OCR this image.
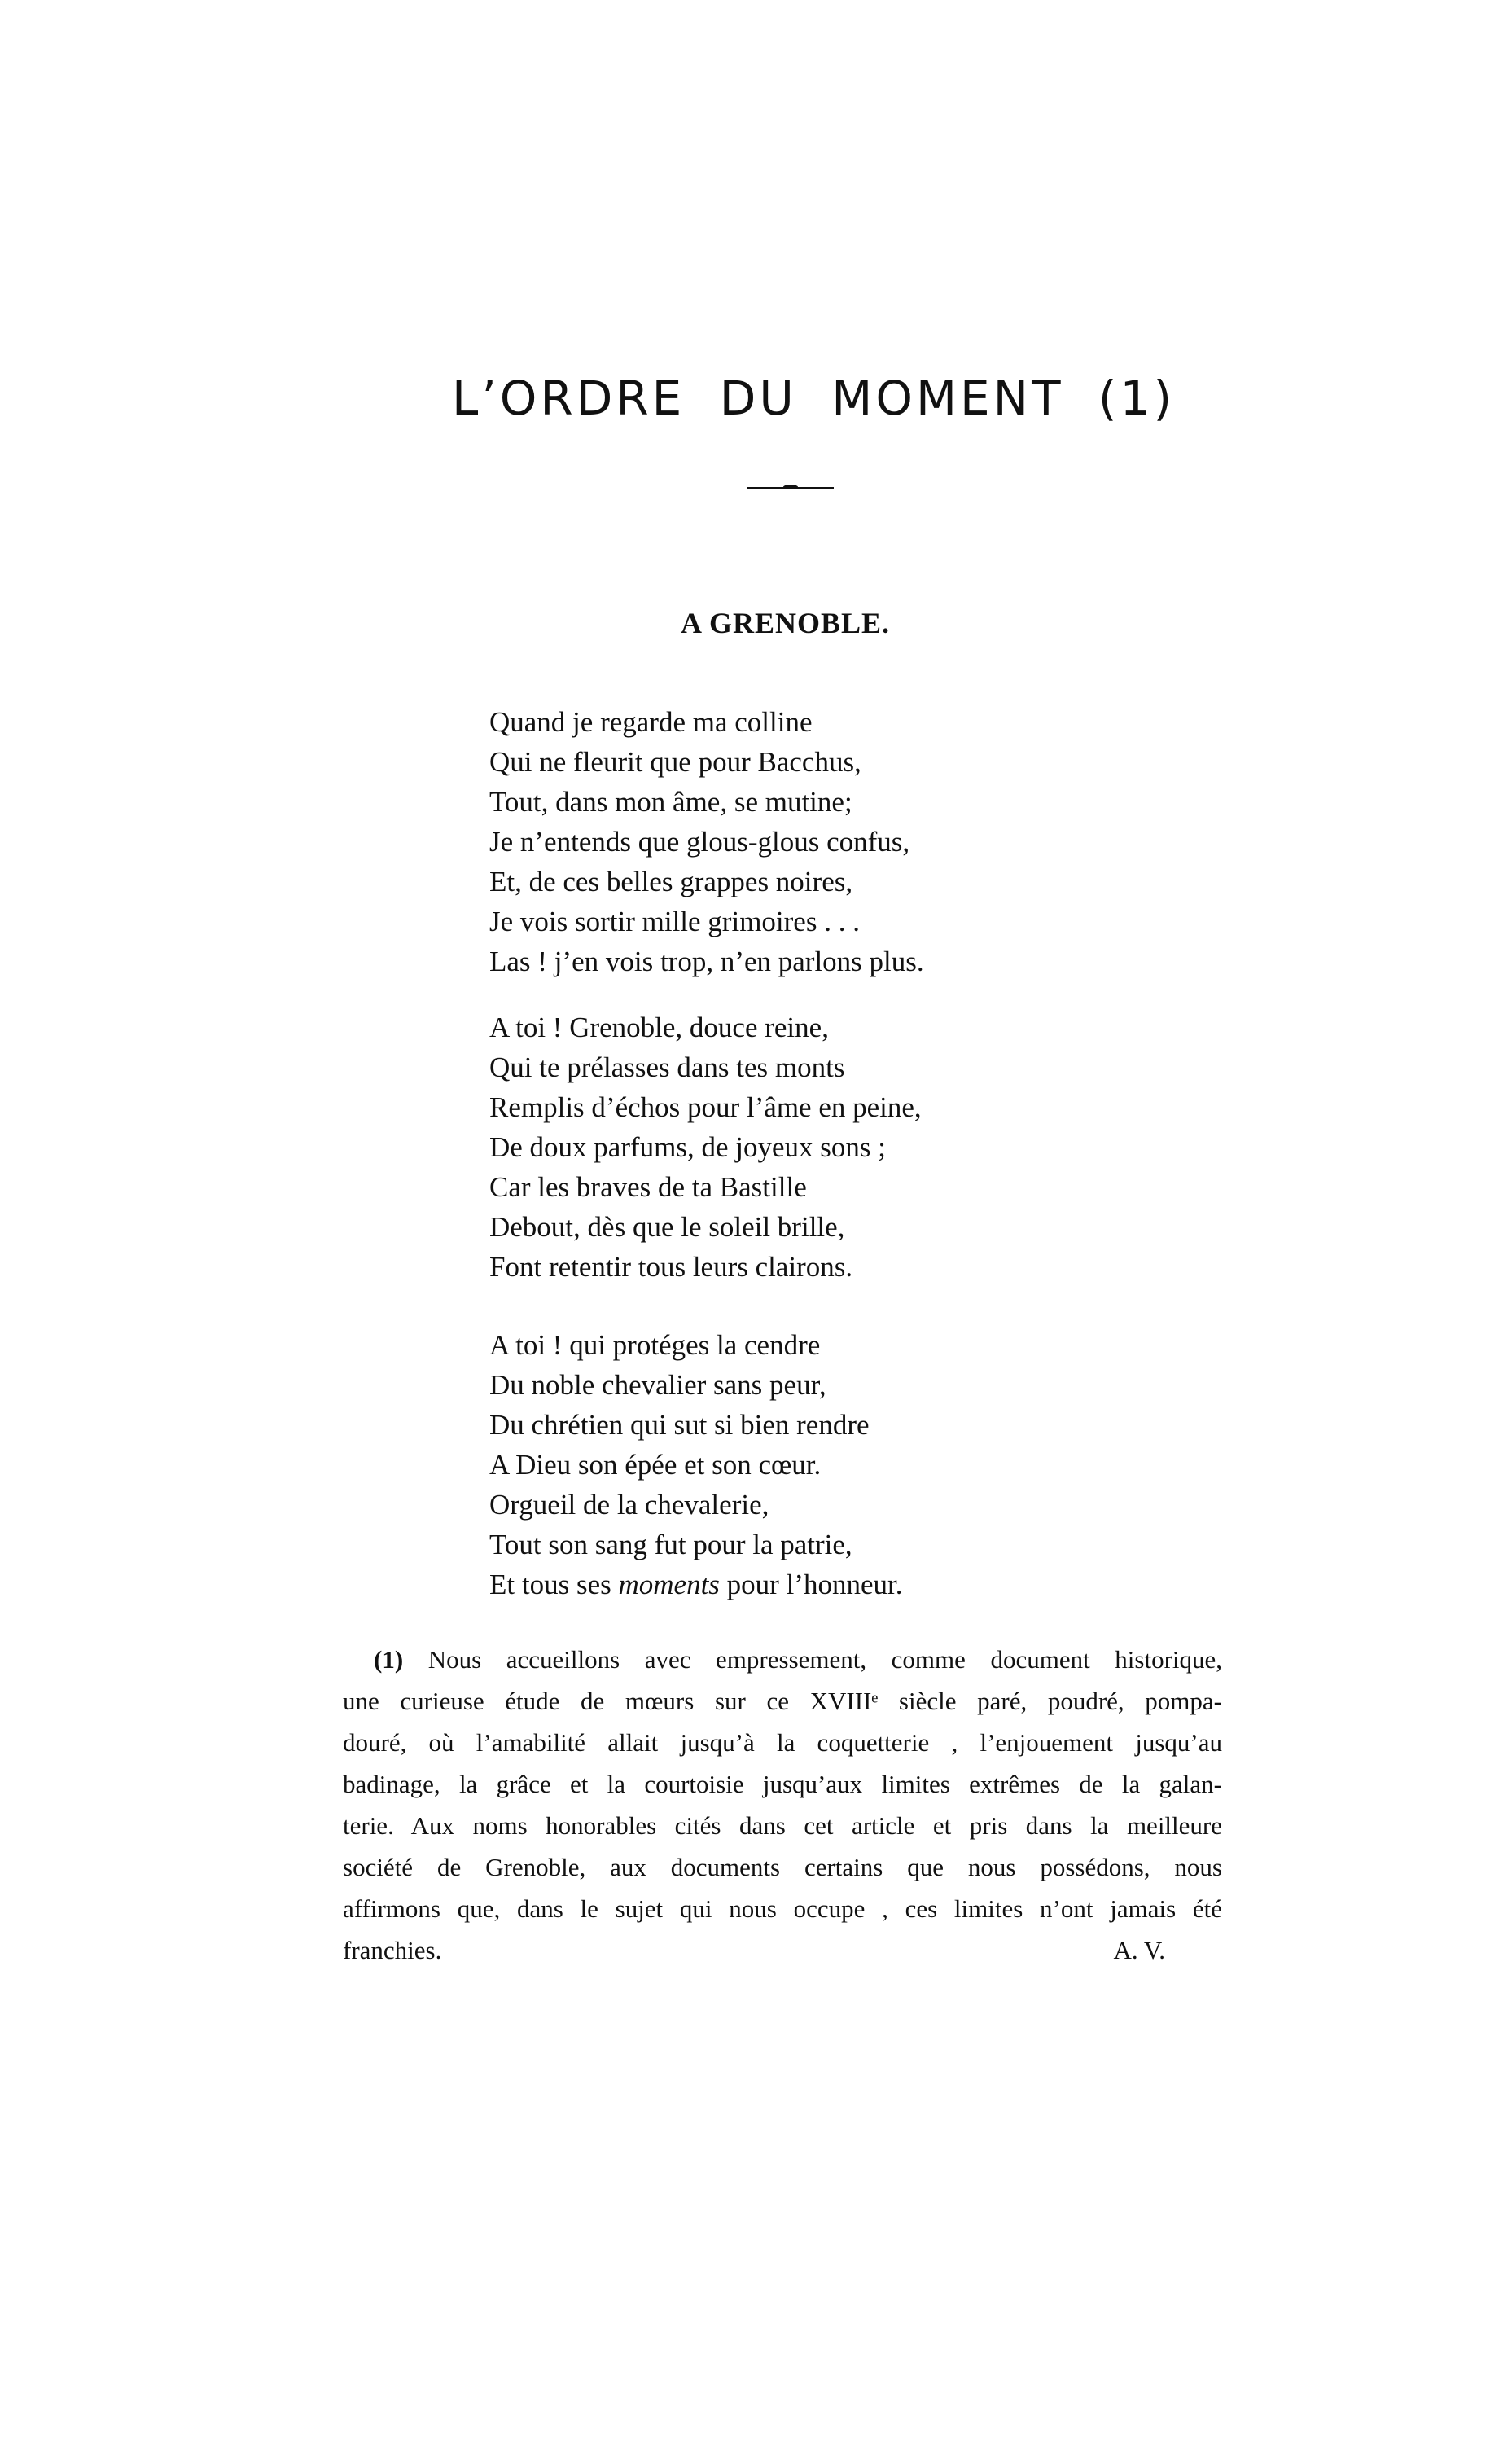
L’ORDRE DU MOMENT (1)
A GRENOBLE.
Quand je regarde ma colline
Qui ne fleurit que pour Bacchus,
Tout, dans mon âme, se mutine;
Je n’entends que glous-glous confus,
Et, de ces belles grappes noires,
Je vois sortir mille grimoires . . .
Las ! j’en vois trop, n’en parlons plus.
A toi ! Grenoble, douce reine,
Qui te prélasses dans tes monts
Remplis d’échos pour l’âme en peine,
De doux parfums, de joyeux sons ;
Car les braves de ta Bastille
Debout, dès que le soleil brille,
Font retentir tous leurs clairons.
A toi ! qui protéges la cendre
Du noble chevalier sans peur,
Du chrétien qui sut si bien rendre
A Dieu son épée et son cœur.
Orgueil de la chevalerie,
Tout son sang fut pour la patrie,
Et tous ses moments pour l’honneur.
(1) Nous accueillons avec empressement, comme document historique,
une curieuse étude de mœurs sur ce XVIIIᵉ siècle paré, poudré, pompa-
douré, où l’amabilité allait jusqu’à la coquetterie , l’enjouement jusqu’au
badinage, la grâce et la courtoisie jusqu’aux limites extrêmes de la galan-
terie. Aux noms honorables cités dans cet article et pris dans la meilleure
société de Grenoble, aux documents certains que nous possédons, nous
affirmons que, dans le sujet qui nous occupe , ces limites n’ont jamais été
franchies.	A. V.
